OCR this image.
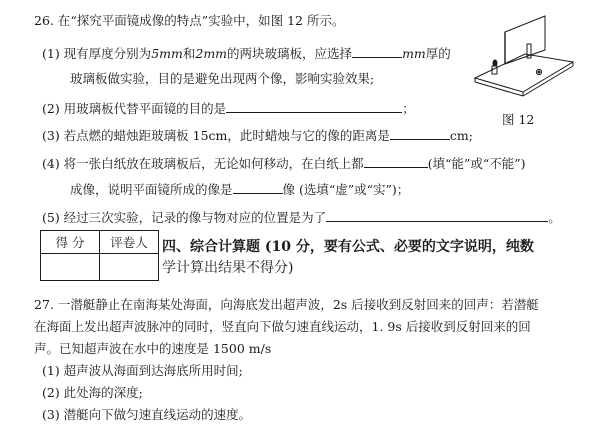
26. 在“探究平面镜成像的特点”实验中，如图 12 所示。
(1) 现有厚度分别为5mm和2mm的两块玻璃板，应选择	mm厚的
玻璃板做实验，目的是避免出现两个像，影响实验效果;
(2) 用玻璃板代替平面镜的目的是	；
(3) 若点燃的蜡烛距玻璃板 15cm，此时蜡烛与它的像的距离是	cm;
(4) 将一张白纸放在玻璃板后，无论如何移动，在白纸上都	(填“能”或“不能”)
成像，说明平面镜所成的像是	像 (选填“虚”或“实”)；
(5) 经过三次实验，记录的像与物对应的位置是为了	。
图 12
得 分	评卷人
	四、综合计算题 (10 分，要有公式、必要的文字说明，纯数
学计算出结果不得分)
27. 一潜艇静止在南海某处海面，向海底发出超声波，2s 后接收到反射回来的回声：若潜艇
在海面上发出超声波脉冲的同时，竖直向下做匀速直线运动，1. 9s 后接收到反射回来的回
声。已知超声波在水中的速度是 1500 m/s
(1) 超声波从海面到达海底所用时间;
(2) 此处海的深度;
(3) 潜艇向下做匀速直线运动的速度。
